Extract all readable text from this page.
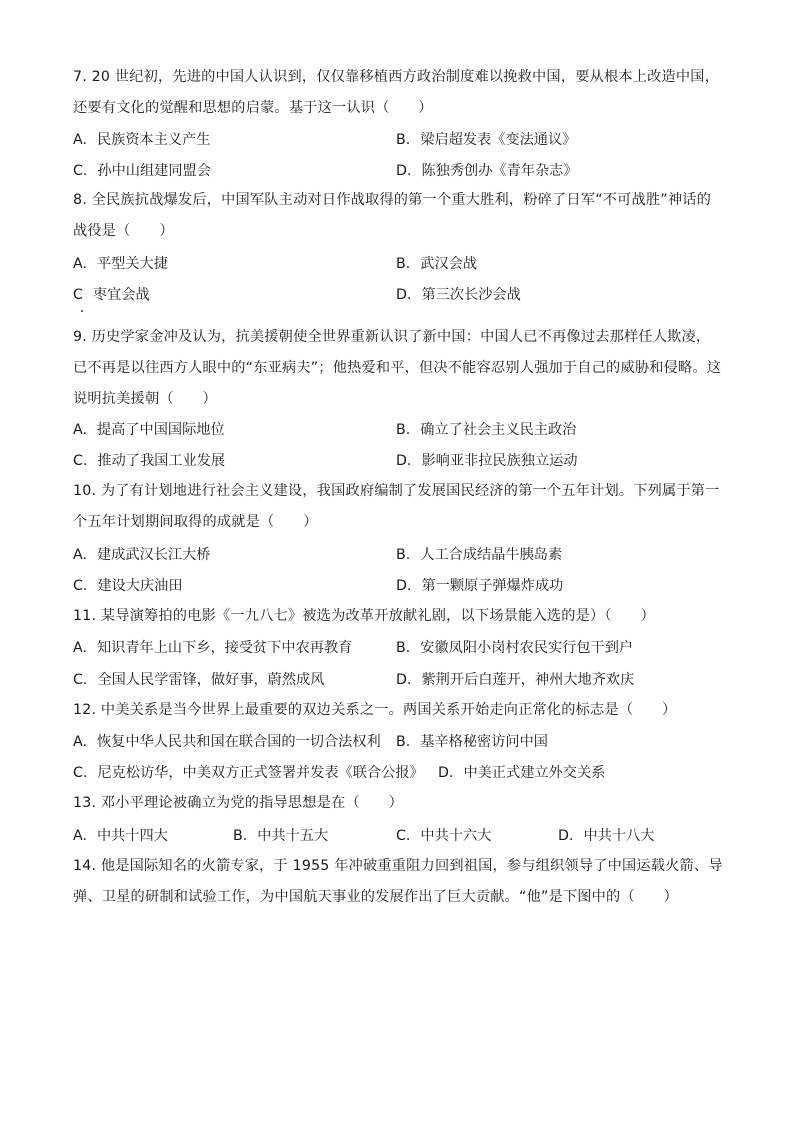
7. 20 世纪初，先进的中国人认识到，仅仅靠移植西方政治制度难以挽救中国，要从根本上改造中国，还要有文化的觉醒和思想的启蒙。基于这一认识（　　）

A. 民族资本主义产生	B. 梁启超发表《变法通议》
C. 孙中山组建同盟会	D. 陈独秀创办《青年杂志》

8. 全民族抗战爆发后，中国军队主动对日作战取得的第一个重大胜利，粉碎了日军“不可战胜”神话的战役是（　　）

A. 平型关大捷	B. 武汉会战
C 枣宜会战	D. 第三次长沙会战

9. 历史学家金冲及认为，抗美援朝使全世界重新认识了新中国：中国人已不再像过去那样任人欺凌，已不再是以往西方人眼中的“东亚病夫”；他热爱和平，但决不能容忍别人强加于自己的威胁和侵略。这说明抗美援朝（　　）

A. 提高了中国国际地位	B. 确立了社会主义民主政治
C. 推动了我国工业发展	D. 影响亚非拉民族独立运动

10. 为了有计划地进行社会主义建设，我国政府编制了发展国民经济的第一个五年计划。下列属于第一个五年计划期间取得的成就是（　　）

A. 建成武汉长江大桥	B. 人工合成结晶牛胰岛素
C. 建设大庆油田	D. 第一颗原子弹爆炸成功

11. 某导演筹拍的电影《一九八七》被选为改革开放献礼剧，以下场景能入选的是）（　　）

A. 知识青年上山下乡，接受贫下中农再教育	B. 安徽凤阳小岗村农民实行包干到户
C. 全国人民学雷锋，做好事，蔚然成风	D. 紫荆开后白莲开，神州大地齐欢庆

12. 中美关系是当今世界上最重要的双边关系之一。两国关系开始走向正常化的标志是（　　）

A. 恢复中华人民共和国在联合国的一切合法权利 B. 基辛格秘密访问中国
C. 尼克松访华，中美双方正式签署并发表《联合公报》 D. 中美正式建立外交关系

13. 邓小平理论被确立为党的指导思想是在（　　）

A. 中共十四大	B. 中共十五大	C. 中共十六大	D. 中共十八大

14. 他是国际知名的火箭专家，于 1955 年冲破重重阻力回到祖国，参与组织领导了中国运载火箭、导弹、卫星的研制和试验工作，为中国航天事业的发展作出了巨大贡献。“他”是下图中的（　　）
